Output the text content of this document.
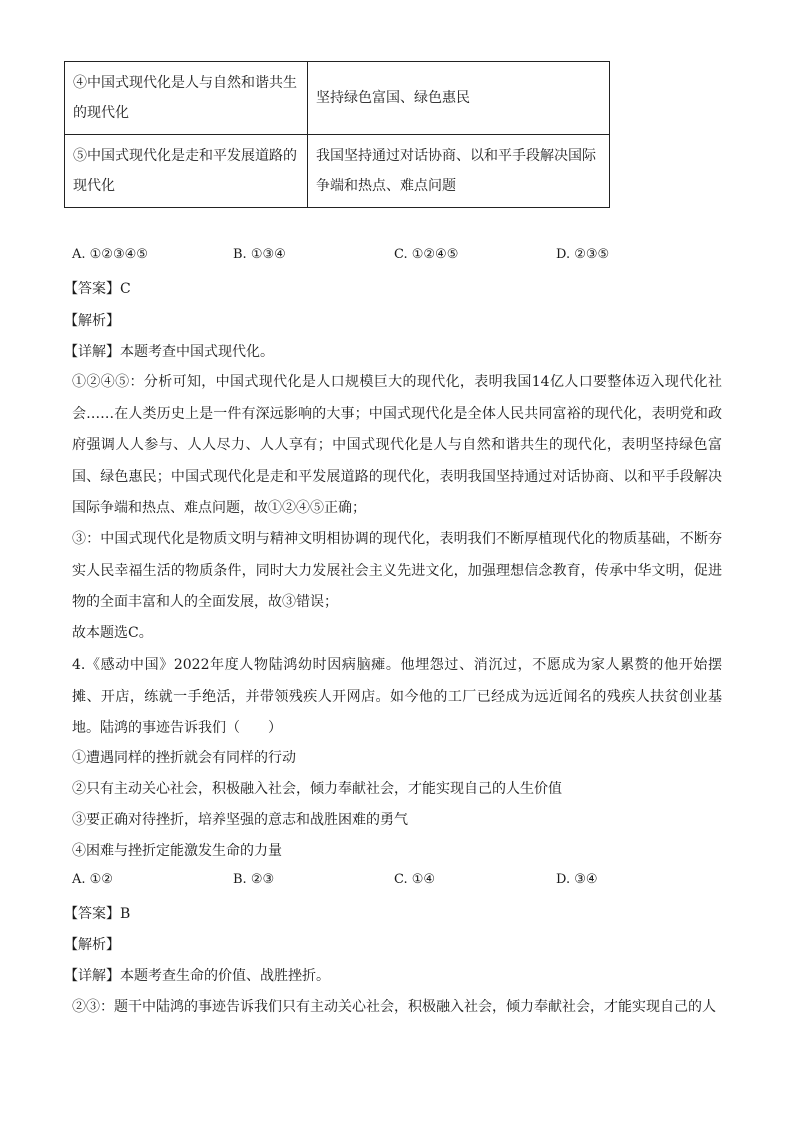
④中国式现代化是人与自然和谐共生的现代化	坚持绿色富国、绿色惠民
⑤中国式现代化是走和平发展道路的现代化	我国坚持通过对话协商、以和平手段解决国际争端和热点、难点问题
A. ①②③④⑤	B. ①③④	C. ①②④⑤	D. ②③⑤
【答案】C
【解析】
【详解】本题考查中国式现代化。
①②④⑤：分析可知，中国式现代化是人口规模巨大的现代化，表明我国14亿人口要整体迈入现代化社会……在人类历史上是一件有深远影响的大事；中国式现代化是全体人民共同富裕的现代化，表明党和政府强调人人参与、人人尽力、人人享有；中国式现代化是人与自然和谐共生的现代化，表明坚持绿色富国、绿色惠民；中国式现代化是走和平发展道路的现代化，表明我国坚持通过对话协商、以和平手段解决国际争端和热点、难点问题，故①②④⑤正确；
③：中国式现代化是物质文明与精神文明相协调的现代化，表明我们不断厚植现代化的物质基础，不断夯实人民幸福生活的物质条件，同时大力发展社会主义先进文化，加强理想信念教育，传承中华文明，促进物的全面丰富和人的全面发展，故③错误；
故本题选C。
4.《感动中国》2022年度人物陆鸿幼时因病脑瘫。他埋怨过、消沉过，不愿成为家人累赘的他开始摆摊、开店，练就一手绝活，并带领残疾人开网店。如今他的工厂已经成为远近闻名的残疾人扶贫创业基地。陆鸿的事迹告诉我们（　　）
①遭遇同样的挫折就会有同样的行动
②只有主动关心社会，积极融入社会，倾力奉献社会，才能实现自己的人生价值
③要正确对待挫折，培养坚强的意志和战胜困难的勇气
④困难与挫折定能激发生命的力量
A. ①②	B. ②③	C. ①④	D. ③④
【答案】B
【解析】
【详解】本题考查生命的价值、战胜挫折。
②③：题干中陆鸿的事迹告诉我们只有主动关心社会，积极融入社会，倾力奉献社会，才能实现自己的人
